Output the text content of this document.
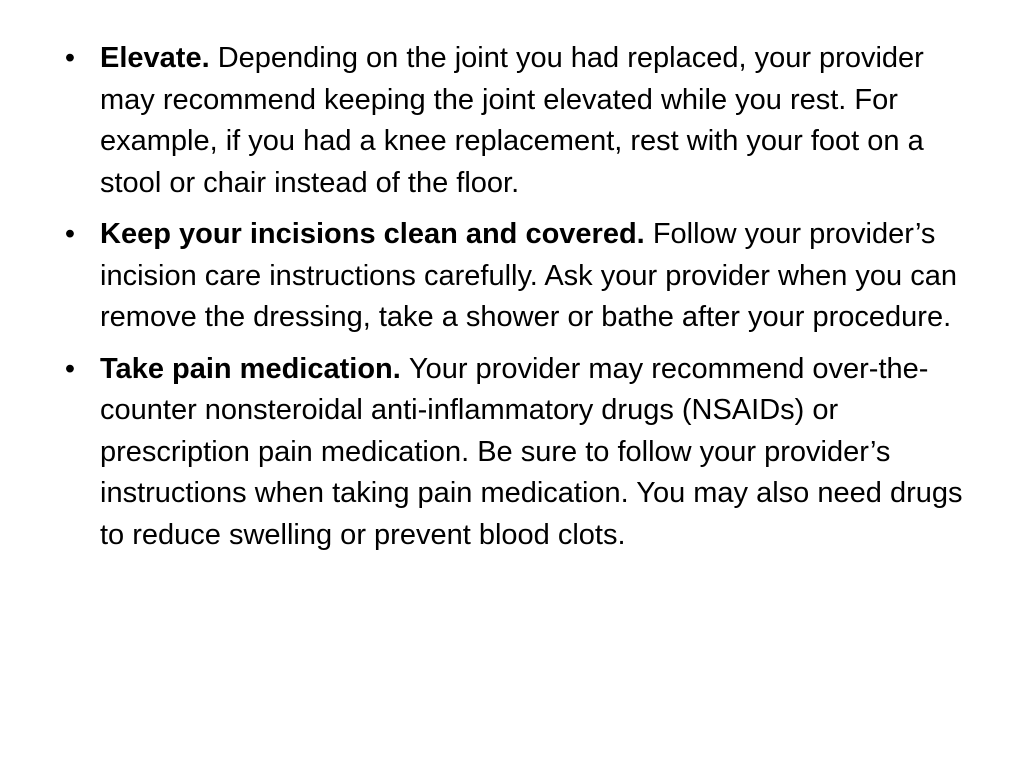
• Elevate. Depending on the joint you had replaced, your provider may recommend keeping the joint elevated while you rest. For example, if you had a knee replacement, rest with your foot on a stool or chair instead of the floor.
• Keep your incisions clean and covered. Follow your provider’s incision care instructions carefully. Ask your provider when you can remove the dressing, take a shower or bathe after your procedure.
• Take pain medication. Your provider may recommend over-the-counter nonsteroidal anti-inflammatory drugs (NSAIDs) or prescription pain medication. Be sure to follow your provider’s instructions when taking pain medication. You may also need drugs to reduce swelling or prevent blood clots.
